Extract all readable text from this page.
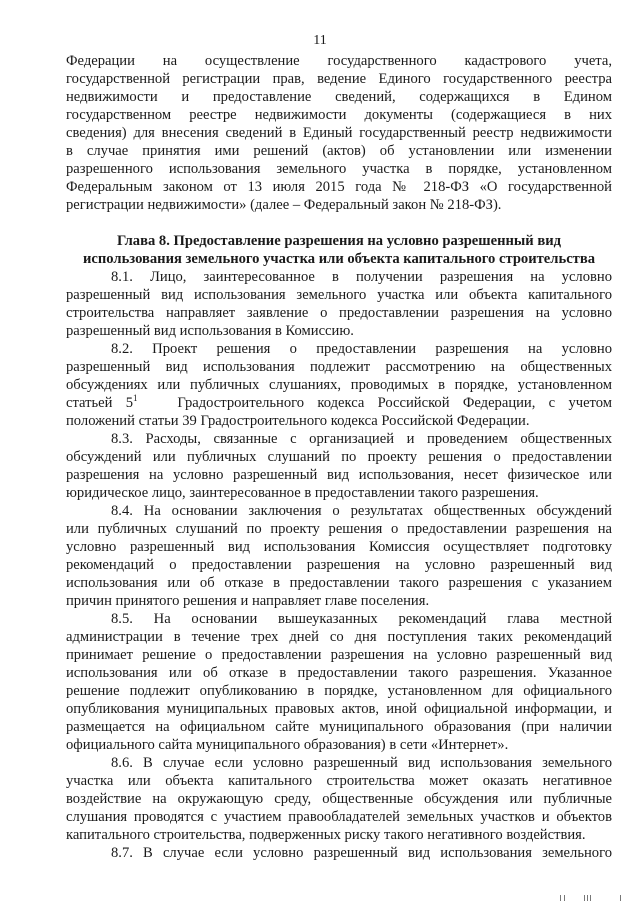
11
Федерации на осуществление государственного кадастрового учета,
государственной регистрации прав, ведение Единого государственного реестра
недвижимости и предоставление сведений, содержащихся в Едином
государственном реестре недвижимости документы (содержащиеся в них
сведения) для внесения сведений в Единый государственный реестр недвижимости
в случае принятия ими решений (актов) об установлении или изменении
разрешенного использования земельного участка в порядке, установленном
Федеральным законом от 13 июля 2015 года № 218-ФЗ «О государственной
регистрации недвижимости» (далее – Федеральный закон № 218-ФЗ).
Глава 8. Предоставление разрешения на условно разрешенный вид
использования земельного участка или объекта капитального строительства
8.1. Лицо, заинтересованное в получении разрешения на условно
разрешенный вид использования земельного участка или объекта капитального
строительства направляет заявление о предоставлении разрешения на условно
разрешенный вид использования в Комиссию.
8.2. Проект решения о предоставлении разрешения на условно
разрешенный вид использования подлежит рассмотрению на общественных
обсуждениях или публичных слушаниях, проводимых в порядке, установленном
статьей $5^1$	Градостроительного кодекса Российской Федерации, с учетом
положений статьи 39 Градостроительного кодекса Российской Федерации.
8.3. Расходы, связанные с организацией и проведением общественных
обсуждений или публичных слушаний по проекту решения о предоставлении
разрешения на условно разрешенный вид использования, несет физическое или
юридическое лицо, заинтересованное в предоставлении такого разрешения.
8.4. На основании заключения о результатах общественных обсуждений
или публичных слушаний по проекту решения о предоставлении разрешения на
условно разрешенный вид использования Комиссия осуществляет подготовку
рекомендаций о предоставлении разрешения на условно разрешенный вид
использования или об отказе в предоставлении такого разрешения с указанием
причин принятого решения и направляет главе поселения.
8.5. На основании вышеуказанных рекомендаций глава местной
администрации в течение трех дней со дня поступления таких рекомендаций
принимает решение о предоставлении разрешения на условно разрешенный вид
использования или об отказе в предоставлении такого разрешения. Указанное
решение подлежит опубликованию в порядке, установленном для официального
опубликования муниципальных правовых актов, иной официальной информации, и
размещается на официальном сайте муниципального образования (при наличии
официального сайта муниципального образования) в сети «Интернет».
8.6. В случае если условно разрешенный вид использования земельного
участка или объекта капитального строительства может оказать негативное
воздействие на окружающую среду, общественные обсуждения или публичные
слушания проводятся с участием правообладателей земельных участков и объектов
капитального строительства, подверженных риску такого негативного воздействия.
8.7. В случае если условно разрешенный вид использования земельного
